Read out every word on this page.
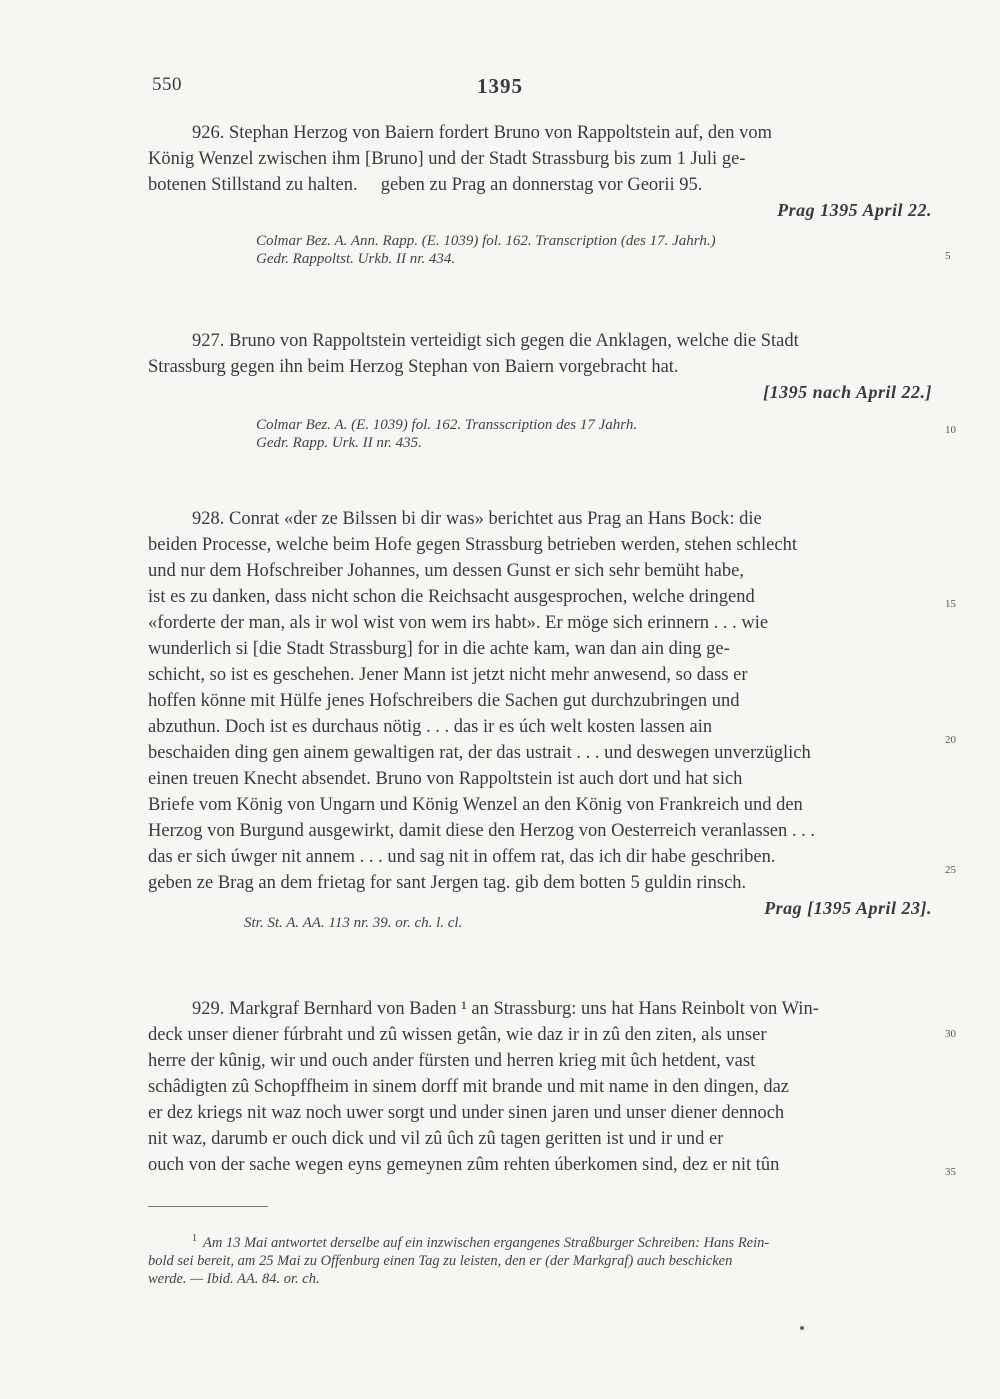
550	1395
926. Stephan Herzog von Baiern fordert Bruno von Rappoltstein auf, den vom
König Wenzel zwischen ihm [Bruno] und der Stadt Strassburg bis zum 1 Juli ge-
botenen Stillstand zu halten.     geben zu Prag an donnerstag vor Georii 95.
Prag 1395 April 22.
Colmar Bez. A. Ann. Rapp. (E. 1039) fol. 162. Transcription (des 17. Jahrh.)
Gedr. Rappoltst. Urkb. II nr. 434.
927. Bruno von Rappoltstein verteidigt sich gegen die Anklagen, welche die Stadt
Strassburg gegen ihn beim Herzog Stephan von Baiern vorgebracht hat.
[1395 nach April 22.]
Colmar Bez. A. (E. 1039) fol. 162. Transscription des 17 Jahrh.
Gedr. Rapp. Urk. II nr. 435.
928. Conrat «der ze Bilssen bi dir was» berichtet aus Prag an Hans Bock: die
beiden Processe, welche beim Hofe gegen Strassburg betrieben werden, stehen schlecht
und nur dem Hofschreiber Johannes, um dessen Gunst er sich sehr bemüht habe,
ist es zu danken, dass nicht schon die Reichsacht ausgesprochen, welche dringend
«forderte der man, als ir wol wist von wem irs habt». Er möge sich erinnern . . . wie
wunderlich si [die Stadt Strassburg] for in die achte kam, wan dan ain ding ge-
schicht, so ist es geschehen. Jener Mann ist jetzt nicht mehr anwesend, so dass er
hoffen könne mit Hülfe jenes Hofschreibers die Sachen gut durchzubringen und
abzuthun. Doch ist es durchaus nötig . . . das ir es úch welt kosten lassen ain
beschaiden ding gen ainem gewaltigen rat, der das ustrait . . . und deswegen unverzüglich
einen treuen Knecht absendet. Bruno von Rappoltstein ist auch dort und hat sich
Briefe vom König von Ungarn und König Wenzel an den König von Frankreich und den
Herzog von Burgund ausgewirkt, damit diese den Herzog von Oesterreich veranlassen . . .
das er sich úwger nit annem . . . und sag nit in offem rat, das ich dir habe geschriben.
geben ze Brag an dem frietag for sant Jergen tag. gib dem botten 5 guldin rinsch.
Prag [1395 April 23].
Str. St. A. AA. 113 nr. 39. or. ch. l. cl.
929. Markgraf Bernhard von Baden ¹ an Strassburg: uns hat Hans Reinbolt von Win-
deck unser diener fúrbraht und zû wissen getân, wie daz ir in zû den ziten, als unser
herre der kûnig, wir und ouch ander fürsten und herren krieg mit ûch hetdent, vast
schâdigten zû Schopffheim in sinem dorff mit brande und mit name in den dingen, daz
er dez kriegs nit waz noch uwer sorgt und under sinen jaren und unser diener dennoch
nit waz, darumb er ouch dick und vil zû ûch zû tagen geritten ist und ir und er
ouch von der sache wegen eyns gemeynen zûm rehten úberkomen sind, dez er nit tûn
5
10
15
20
25
30
35
$^1$ Am 13 Mai antwortet derselbe auf ein inzwischen ergangenes Straßburger Schreiben: Hans Rein-
bold sei bereit, am 25 Mai zu Offenburg einen Tag zu leisten, den er (der Markgraf) auch beschicken
werde. — Ibid. AA. 84. or. ch.
